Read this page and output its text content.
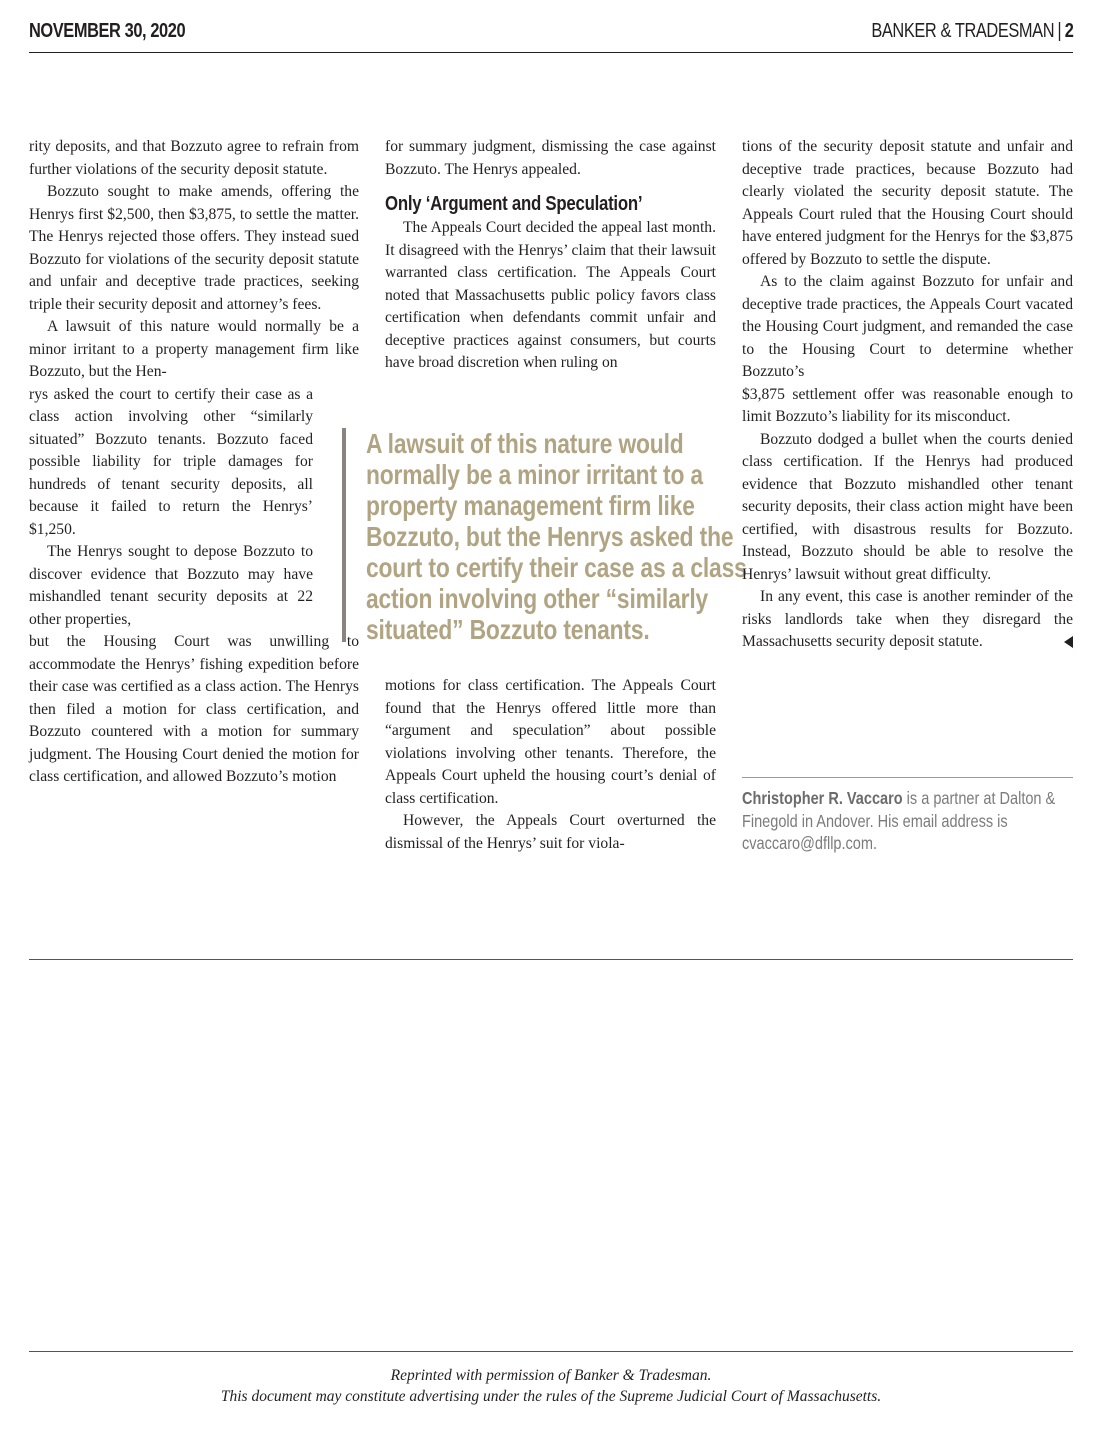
NOVEMBER 30, 2020	BANKER & TRADESMAN | 2

rity deposits, and that Bozzuto agree to refrain from further violations of the security deposit statute.

Bozzuto sought to make amends, offering the Henrys first $2,500, then $3,875, to settle the matter. The Henrys rejected those offers. They instead sued Bozzuto for violations of the security deposit statute and unfair and deceptive trade practices, seeking triple their security deposit and attorney’s fees.

A lawsuit of this nature would normally be a minor irritant to a property management firm like Bozzuto, but the Hen-

rys asked the court to certify their case as a class action involving other “similarly situated” Bozzuto tenants. Bozzuto faced possible liability for triple damages for hundreds of tenant security deposits, all because it failed to return the Henrys’ $1,250.

The Henrys sought to depose Bozzuto to discover evidence that Bozzuto may have mishandled tenant security deposits at 22 other properties,

but the Housing Court was unwilling to accommodate the Henrys’ fishing expedition before their case was certified as a class action. The Henrys then filed a motion for class certification, and Bozzuto countered with a motion for summary judgment. The Housing Court denied the motion for class certification, and allowed Bozzuto’s motion

for summary judgment, dismissing the case against Bozzuto. The Henrys appealed.

Only ‘Argument and Speculation’

The Appeals Court decided the appeal last month. It disagreed with the Henrys’ claim that their lawsuit warranted class certification. The Appeals Court noted that Massachusetts public policy favors class certification when defendants commit unfair and deceptive practices against consumers, but courts have broad discretion when ruling on

A lawsuit of this nature would normally be a minor irritant to a property management firm like Bozzuto, but the Henrys asked the court to certify their case as a class action involving other “similarly situated” Bozzuto tenants.

motions for class certification. The Appeals Court found that the Henrys offered little more than “argument and speculation” about possible violations involving other tenants. Therefore, the Appeals Court upheld the housing court’s denial of class certification.

However, the Appeals Court overturned the dismissal of the Henrys’ suit for viola-

tions of the security deposit statute and unfair and deceptive trade practices, because Bozzuto had clearly violated the security deposit statute. The Appeals Court ruled that the Housing Court should have entered judgment for the Henrys for the $3,875 offered by Bozzuto to settle the dispute.

As to the claim against Bozzuto for unfair and deceptive trade practices, the Appeals Court vacated the Housing Court judgment, and remanded the case to the Housing Court to determine whether Bozzuto’s

$3,875 settlement offer was reasonable enough to limit Bozzuto’s liability for its misconduct.

Bozzuto dodged a bullet when the courts denied class certification. If the Henrys had produced evidence that Bozzuto mishandled other tenant security deposits, their class action might have been certified, with disastrous results for Bozzuto. Instead, Bozzuto should be able to resolve the Henrys’ lawsuit without great difficulty.

In any event, this case is another reminder of the risks landlords take when they disregard the Massachusetts security deposit statute.

Christopher R. Vaccaro is a partner at Dalton & Finegold in Andover. His email address is cvaccaro@dfllp.com.
Reprinted with permission of Banker & Tradesman.
This document may constitute advertising under the rules of the Supreme Judicial Court of Massachusetts.
